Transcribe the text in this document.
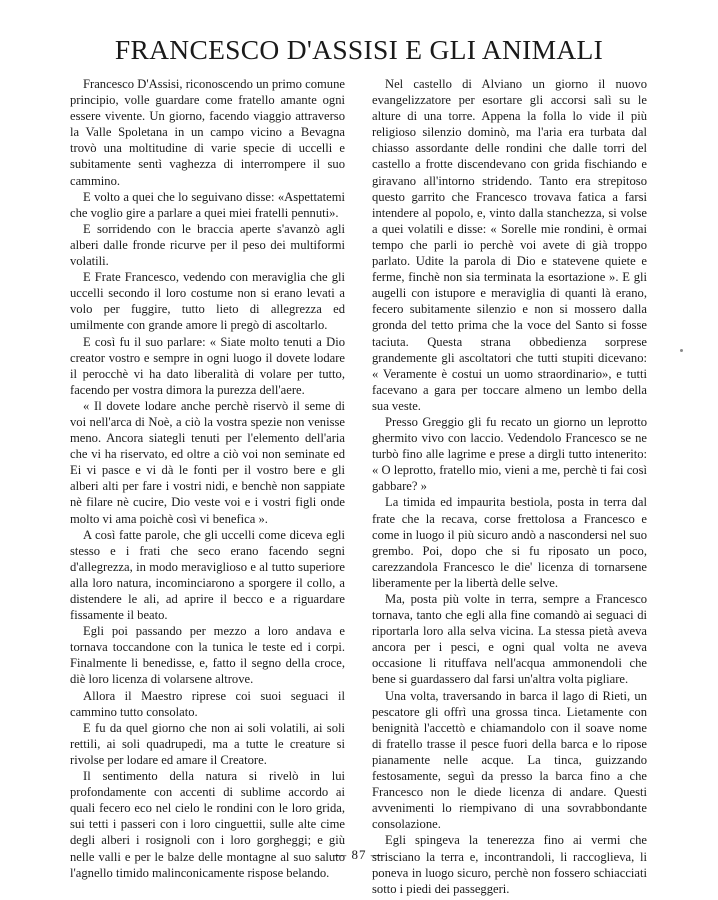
FRANCESCO D'ASSISI E GLI ANIMALI

Francesco D'Assisi, riconoscendo un primo comune principio, volle guardare come fratello amante ogni essere vivente. Un giorno, facendo viaggio attraverso la Valle Spoletana in un campo vicino a Bevagna trovò una moltitudine di varie specie di uccelli e subitamente sentì vaghezza di interrompere il suo cammino.

E volto a quei che lo seguivano disse: «Aspettatemi che voglio gire a parlare a quei miei fratelli pennuti».

E sorridendo con le braccia aperte s'avanzò agli alberi dalle fronde ricurve per il peso dei multiformi volatili.

E Frate Francesco, vedendo con meraviglia che gli uccelli secondo il loro costume non si erano levati a volo per fuggire, tutto lieto di allegrezza ed umilmente con grande amore li pregò di ascoltarlo.

E così fu il suo parlare: « Siate molto tenuti a Dio creator vostro e sempre in ogni luogo il dovete lodare il perocchè vi ha dato liberalità di volare per tutto, facendo per vostra dimora la purezza dell'aere.

« Il dovete lodare anche perchè riservò il seme di voi nell'arca di Noè, a ciò la vostra spezie non venisse meno. Ancora siategli tenuti per l'elemento dell'aria che vi ha riservato, ed oltre a ciò voi non seminate ed Ei vi pasce e vi dà le fonti per il vostro bere e gli alberi alti per fare i vostri nidi, e benchè non sappiate nè filare nè cucire, Dio veste voi e i vostri figli onde molto vi ama poichè così vi benefica ».

A così fatte parole, che gli uccelli come diceva egli stesso e i frati che seco erano facendo segni d'allegrezza, in modo meraviglioso e al tutto superiore alla loro natura, incominciarono a sporgere il collo, a distendere le ali, ad aprire il becco e a riguardare fissamente il beato.

Egli poi passando per mezzo a loro andava e tornava toccandone con la tunica le teste ed i corpi. Finalmente li benedisse, e, fatto il segno della croce, diè loro licenza di volarsene altrove.

Allora il Maestro riprese coi suoi seguaci il cammino tutto consolato.

E fu da quel giorno che non ai soli volatili, ai soli rettili, ai soli quadrupedi, ma a tutte le creature si rivolse per lodare ed amare il Creatore.

Il sentimento della natura si rivelò in lui profondamente con accenti di sublime accordo ai quali fecero eco nel cielo le rondini con le loro grida, sui tetti i passeri con i loro cinguettii, sulle alte cime degli alberi i rosignoli con i loro gorgheggi; e giù nelle valli e per le balze delle montagne al suo saluto l'agnello timido malinconicamente rispose belando.

Nel castello di Alviano un giorno il nuovo evangelizzatore per esortare gli accorsi salì su le alture di una torre. Appena la folla lo vide il più religioso silenzio dominò, ma l'aria era turbata dal chiasso assordante delle rondini che dalle torri del castello a frotte discendevano con grida fischiando e giravano all'intorno stridendo. Tanto era strepitoso questo garrito che Francesco trovava fatica a farsi intendere al popolo, e, vinto dalla stanchezza, si volse a quei volatili e disse: « Sorelle mie rondini, è ormai tempo che parli io perchè voi avete di già troppo parlato. Udite la parola di Dio e statevene quiete e ferme, finchè non sia terminata la esortazione ». E gli augelli con istupore e meraviglia di quanti là erano, fecero subitamente silenzio e non si mossero dalla gronda del tetto prima che la voce del Santo si fosse taciuta. Questa strana obbedienza sorprese grandemente gli ascoltatori che tutti stupiti dicevano: « Veramente è costui un uomo straordinario», e tutti facevano a gara per toccare almeno un lembo della sua veste.

Presso Greggio gli fu recato un giorno un leprotto ghermito vivo con laccio. Vedendolo Francesco se ne turbò fino alle lagrime e prese a dirgli tutto intenerito: « O leprotto, fratello mio, vieni a me, perchè ti fai così gabbare? »

La timida ed impaurita bestiola, posta in terra dal frate che la recava, corse frettolosa a Francesco e come in luogo il più sicuro andò a nascondersi nel suo grembo. Poi, dopo che si fu riposato un poco, carezzandola Francesco le die' licenza di tornarsene liberamente per la libertà delle selve.

Ma, posta più volte in terra, sempre a Francesco tornava, tanto che egli alla fine comandò ai seguaci di riportarla loro alla selva vicina. La stessa pietà aveva ancora per i pesci, e ogni qual volta ne aveva occasione li rituffava nell'acqua ammonendoli che bene si guardassero dal farsi un'altra volta pigliare.

Una volta, traversando in barca il lago di Rieti, un pescatore gli offrì una grossa tinca. Lietamente con benignità l'accettò e chiamandolo con il soave nome di fratello trasse il pesce fuori della barca e lo ripose pianamente nelle acque. La tinca, guizzando festosamente, seguì da presso la barca fino a che Francesco non le diede licenza di andare. Questi avvenimenti lo riempivano di una sovrabbondante consolazione.

Egli spingeva la tenerezza fino ai vermi che strisciano la terra e, incontrandoli, li raccoglieva, li poneva in luogo sicuro, perchè non fossero schiacciati sotto i piedi dei passeggeri.

— 87 —
